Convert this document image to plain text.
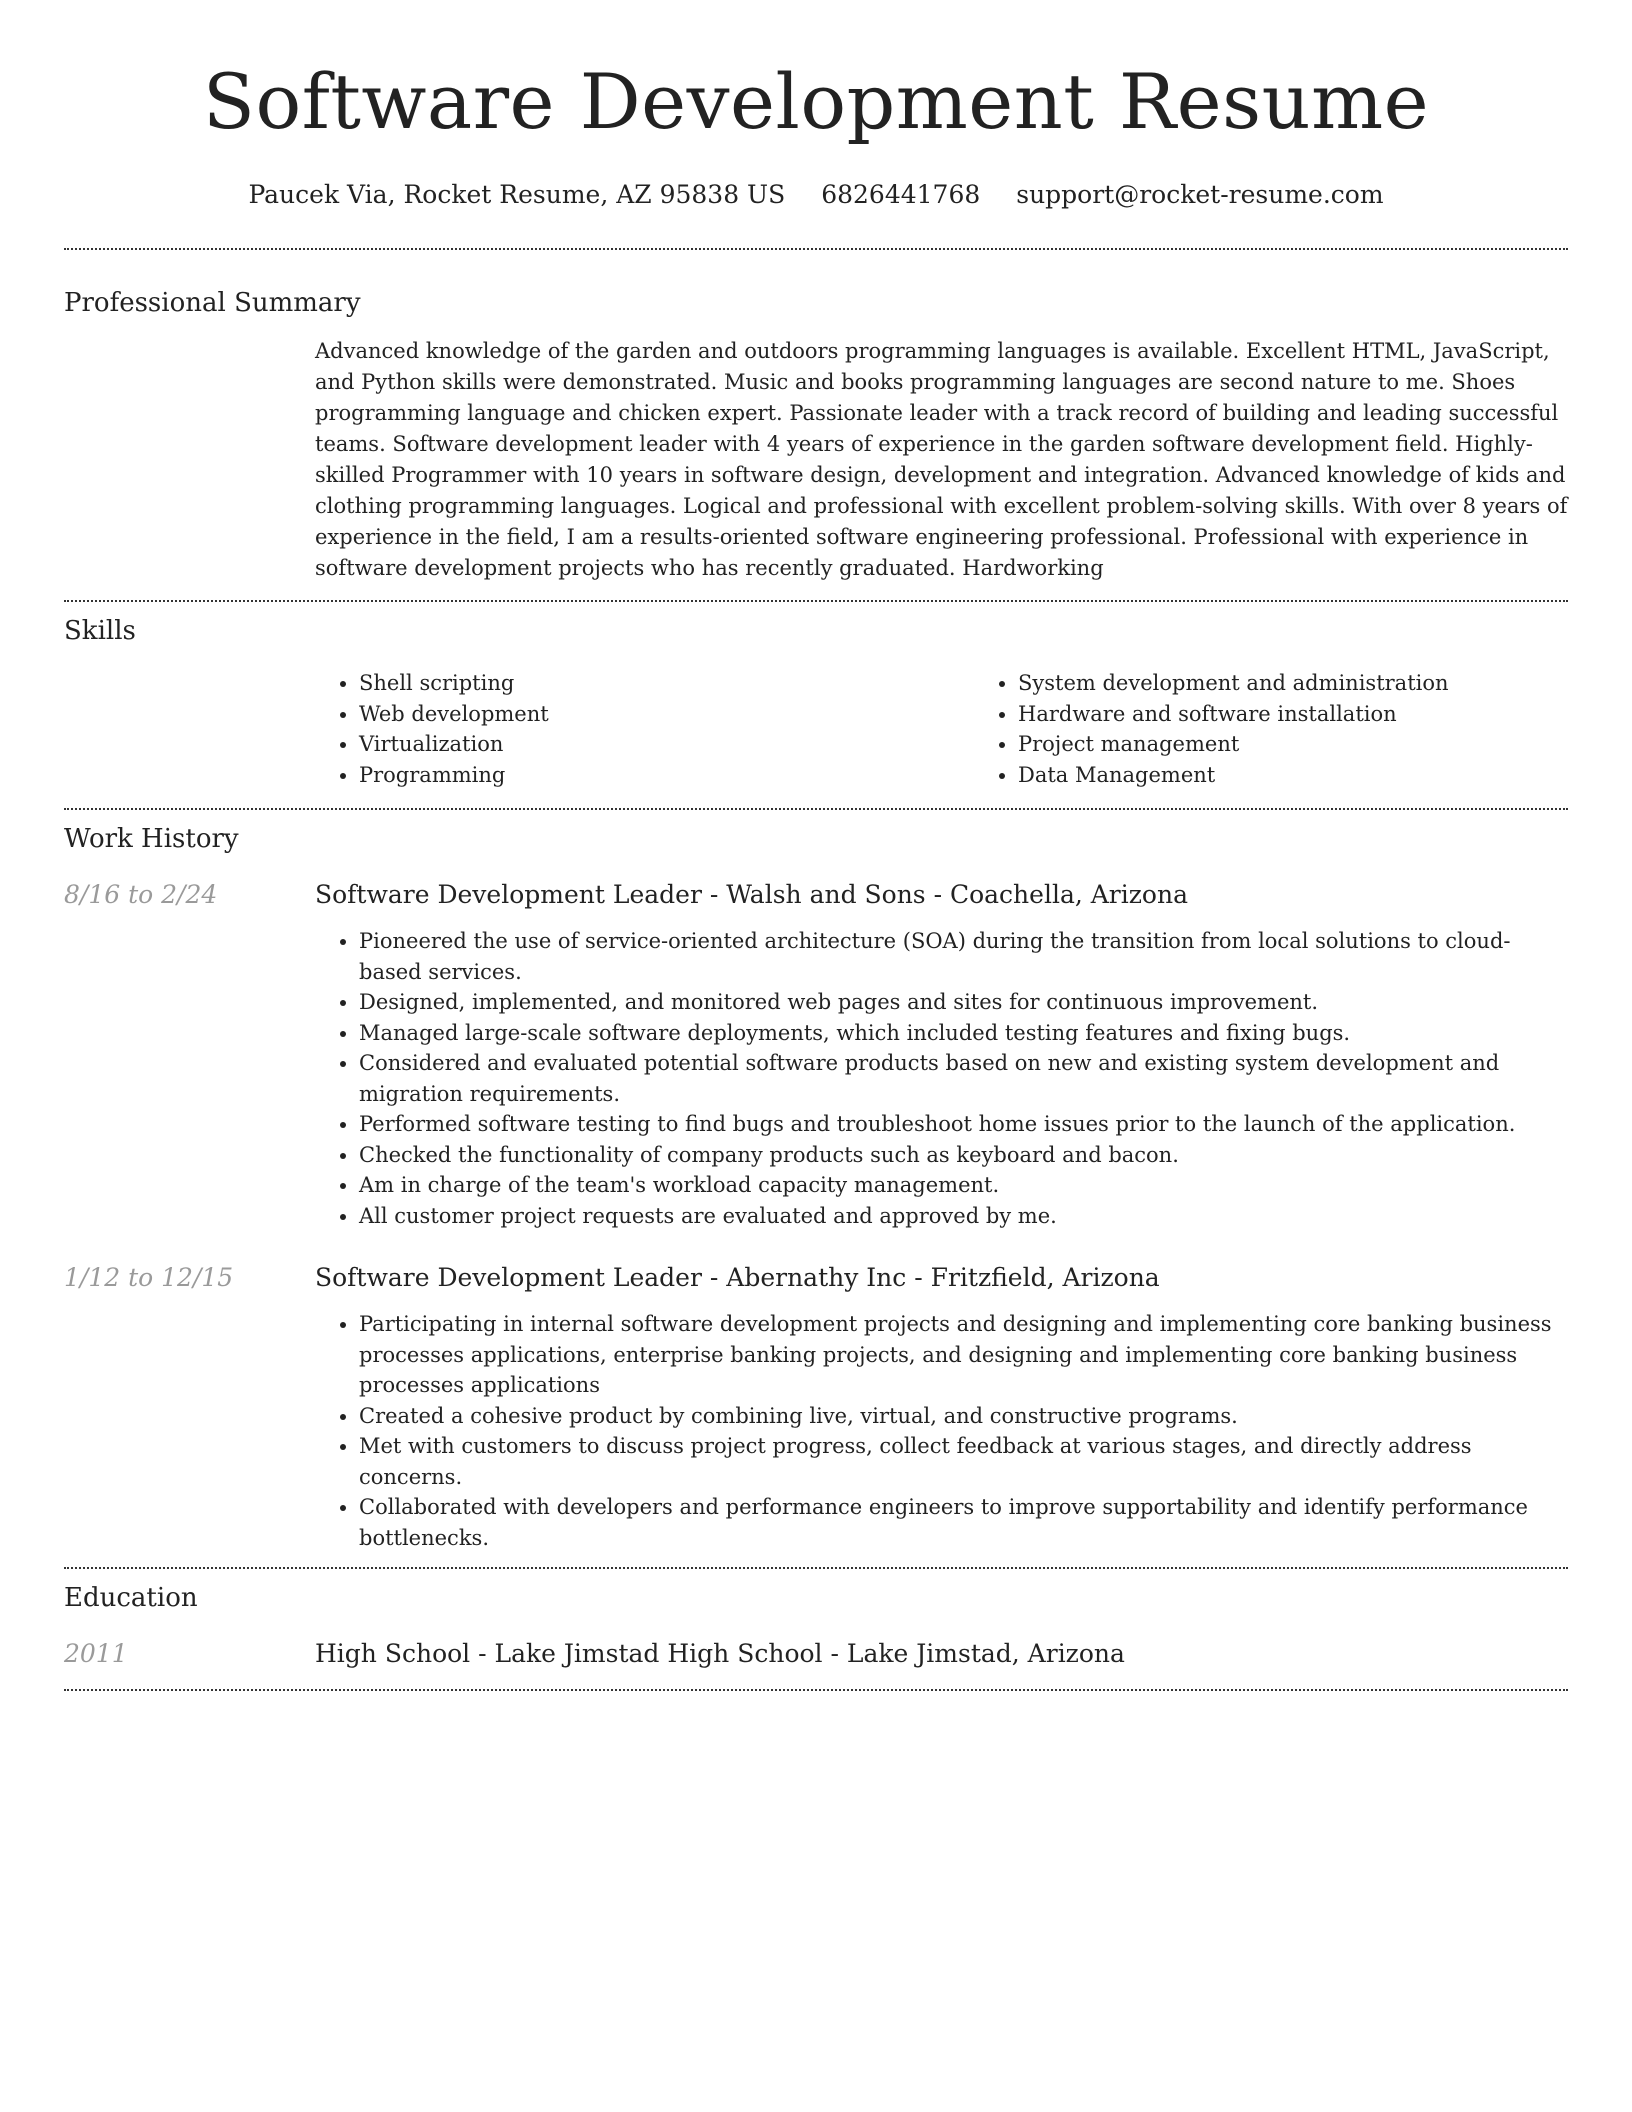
Software Development Resume
Paucek Via, Rocket Resume, AZ 95838 US 6826441768 support@rocket-resume.com
Professional Summary

Advanced knowledge of the garden and outdoors programming languages is available. Excellent HTML, JavaScript, and Python skills were demonstrated. Music and books programming languages are second nature to me. Shoes programming language and chicken expert. Passionate leader with a track record of building and leading successful teams. Software development leader with 4 years of experience in the garden software development field. Highly-skilled Programmer with 10 years in software design, development and integration. Advanced knowledge of kids and clothing programming languages. Logical and professional with excellent problem-solving skills. With over 8 years of experience in the field, I am a results-oriented software engineering professional. Professional with experience in software development projects who has recently graduated. Hardworking

Skills
• Shell scripting
• Web development
• Virtualization
• Programming
• System development and administration
• Hardware and software installation
• Project management
• Data Management
Work History
8/16 to 2/24	Software Development Leader - Walsh and Sons - Coachella, Arizona
• Pioneered the use of service-oriented architecture (SOA) during the transition from local solutions to cloud-based services.
• Designed, implemented, and monitored web pages and sites for continuous improvement.
• Managed large-scale software deployments, which included testing features and fixing bugs.
• Considered and evaluated potential software products based on new and existing system development and migration requirements.
• Performed software testing to find bugs and troubleshoot home issues prior to the launch of the application.
• Checked the functionality of company products such as keyboard and bacon.
• Am in charge of the team's workload capacity management.
• All customer project requests are evaluated and approved by me.
1/12 to 12/15	Software Development Leader - Abernathy Inc - Fritzfield, Arizona
• Participating in internal software development projects and designing and implementing core banking business processes applications, enterprise banking projects, and designing and implementing core banking business processes applications
• Created a cohesive product by combining live, virtual, and constructive programs.
• Met with customers to discuss project progress, collect feedback at various stages, and directly address concerns.
• Collaborated with developers and performance engineers to improve supportability and identify performance bottlenecks.
Education
2011	High School - Lake Jimstad High School - Lake Jimstad, Arizona
